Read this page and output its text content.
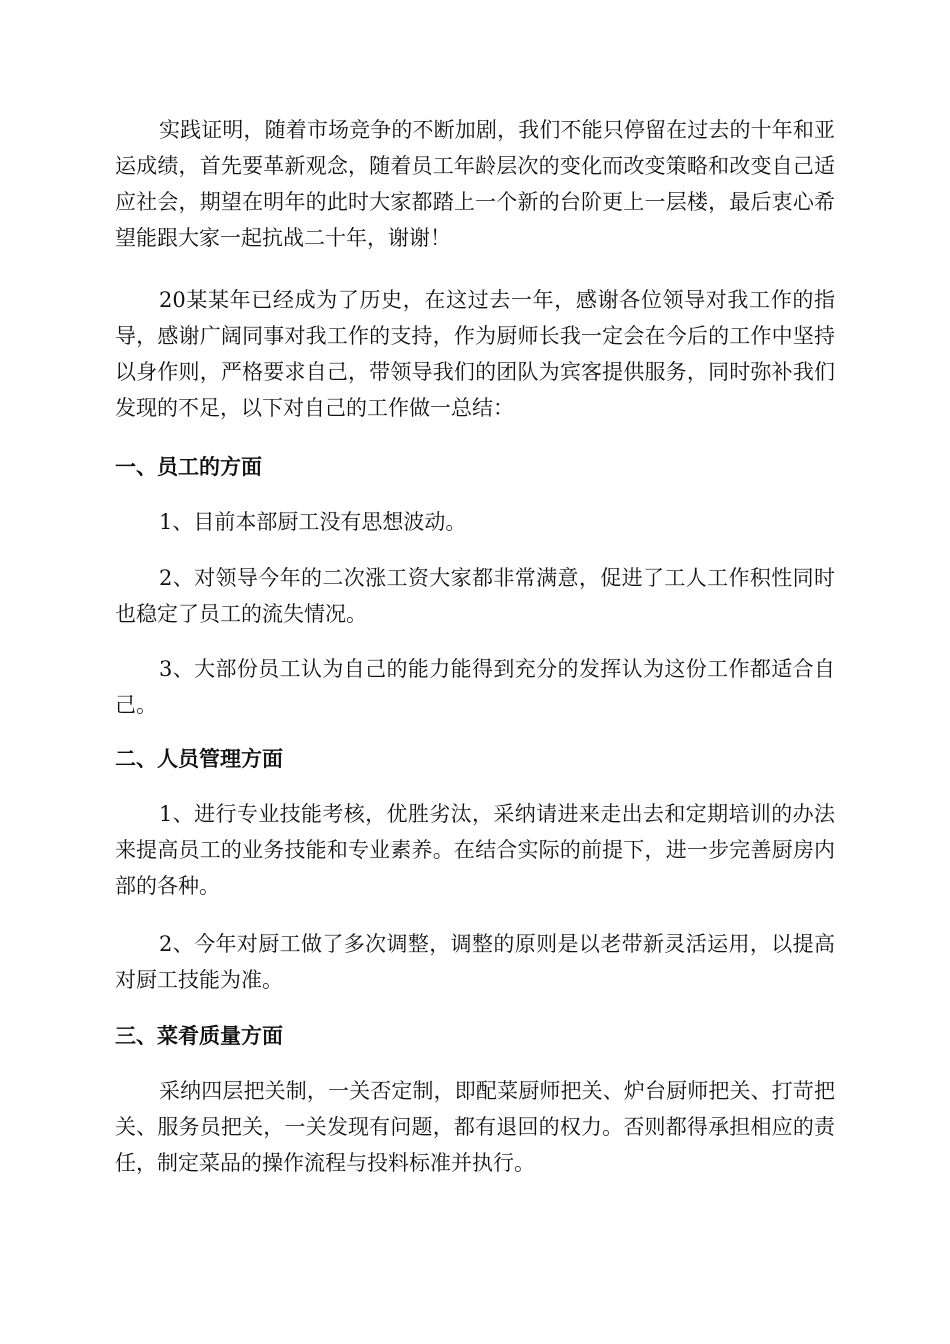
实践证明，随着市场竞争的不断加剧，我们不能只停留在过去的十年和亚运成绩，首先要革新观念，随着员工年龄层次的变化而改变策略和改变自己适应社会，期望在明年的此时大家都踏上一个新的台阶更上一层楼，最后衷心希望能跟大家一起抗战二十年，谢谢！

20某某年已经成为了历史，在这过去一年，感谢各位领导对我工作的指导，感谢广阔同事对我工作的支持，作为厨师长我一定会在今后的工作中坚持以身作则，严格要求自己，带领导我们的团队为宾客提供服务，同时弥补我们发现的不足，以下对自己的工作做一总结：

一、员工的方面

1、目前本部厨工没有思想波动。

2、对领导今年的二次涨工资大家都非常满意，促进了工人工作积性同时也稳定了员工的流失情况。

3、大部份员工认为自己的能力能得到充分的发挥认为这份工作都适合自己。

二、人员管理方面

1、进行专业技能考核，优胜劣汰，采纳请进来走出去和定期培训的办法来提高员工的业务技能和专业素养。在结合实际的前提下，进一步完善厨房内部的各种。

2、今年对厨工做了多次调整，调整的原则是以老带新灵活运用，以提高对厨工技能为准。

三、菜肴质量方面

采纳四层把关制，一关否定制，即配菜厨师把关、炉台厨师把关、打苛把关、服务员把关，一关发现有问题，都有退回的权力。否则都得承担相应的责任，制定菜品的操作流程与投料标准并执行。
